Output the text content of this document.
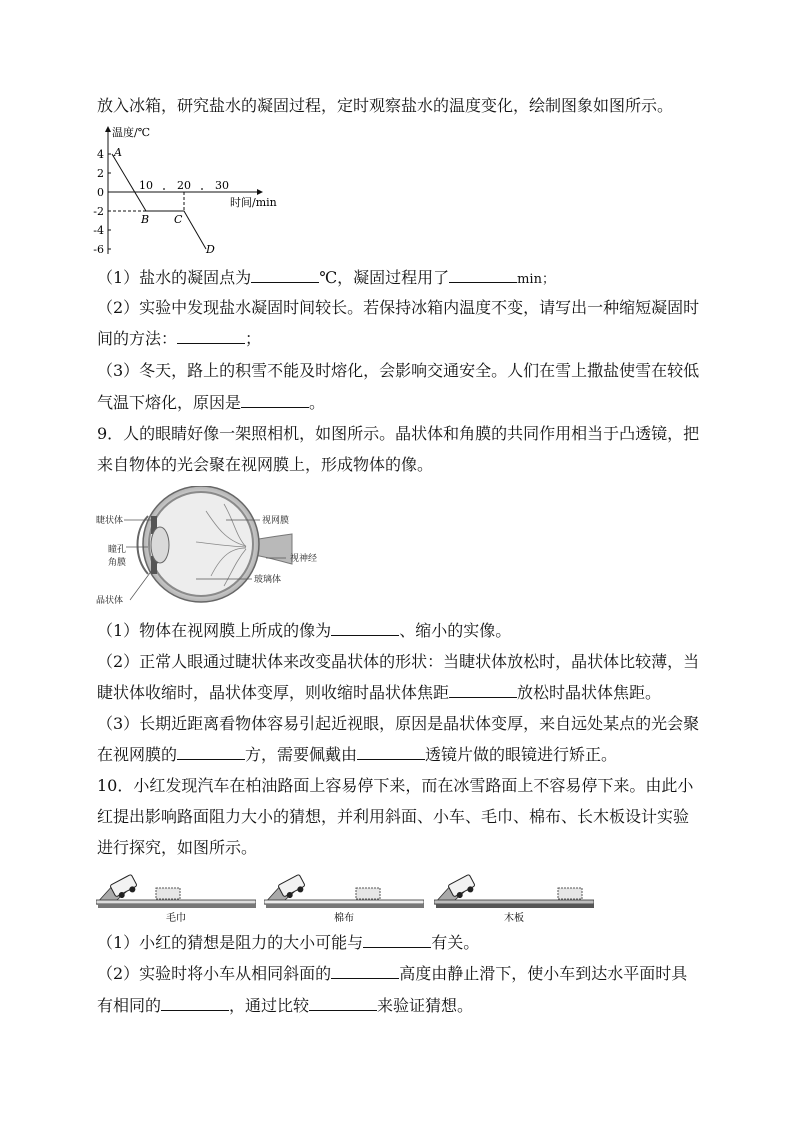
放入冰箱，研究盐水的凝固过程，定时观察盐水的温度变化，绘制图象如图所示。
温度/℃
时间/min
4
2
0
-2
-4
-6
10 20 30
A
B C
D
（1）盐水的凝固点为	℃，凝固过程用了	min；
（2）实验中发现盐水凝固时间较长。若保持冰箱内温度不变，请写出一种缩短凝固时
间的方法：	；
（3）冬天，路上的积雪不能及时熔化，会影响交通安全。人们在雪上撒盐使雪在较低
气温下熔化，原因是	。
9．人的眼睛好像一架照相机，如图所示。晶状体和角膜的共同作用相当于凸透镜，把
来自物体的光会聚在视网膜上，形成物体的像。
睫状体
瞳孔
角膜
晶状体
视网膜
视神经
玻璃体
（1）物体在视网膜上所成的像为	、缩小的实像。
（2）正常人眼通过睫状体来改变晶状体的形状：当睫状体放松时，晶状体比较薄，当
睫状体收缩时，晶状体变厚，则收缩时晶状体焦距	放松时晶状体焦距。
（3）长期近距离看物体容易引起近视眼，原因是晶状体变厚，来自远处某点的光会聚
在视网膜的	方，需要佩戴由	透镜片做的眼镜进行矫正。
10．小红发现汽车在柏油路面上容易停下来，而在冰雪路面上不容易停下来。由此小
红提出影响路面阻力大小的猜想，并利用斜面、小车、毛巾、棉布、长木板设计实验
进行探究，如图所示。
毛巾	棉布	木板
（1）小红的猜想是阻力的大小可能与	有关。
（2）实验时将小车从相同斜面的	高度由静止滑下，使小车到达水平面时具
有相同的	，通过比较	来验证猜想。
